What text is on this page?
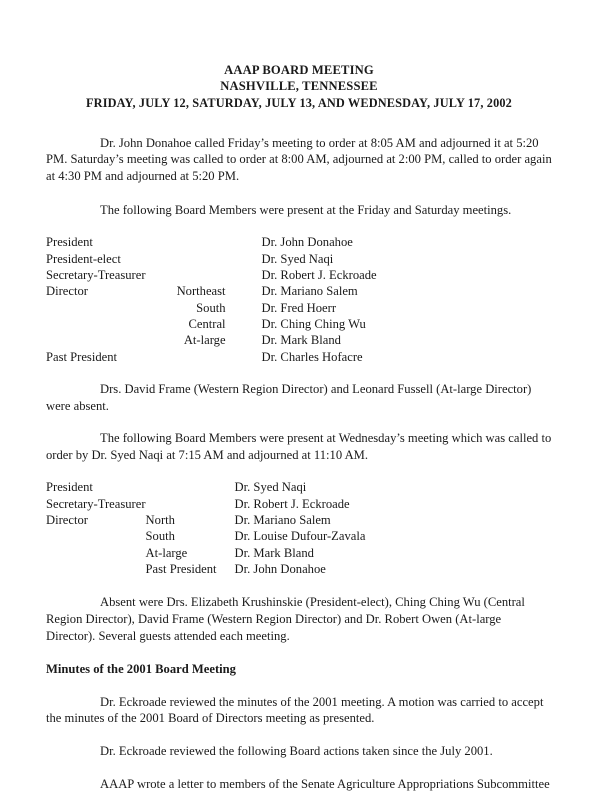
AAAP BOARD MEETING
NASHVILLE, TENNESSEE
FRIDAY, JULY 12, SATURDAY, JULY 13, AND WEDNESDAY, JULY 17, 2002

Dr. John Donahoe called Friday’s meeting to order at 8:05 AM and adjourned it at 5:20 PM. Saturday’s meeting was called to order at 8:00 AM, adjourned at 2:00 PM, called to order again at 4:30 PM and adjourned at 5:20 PM.

The following Board Members were present at the Friday and Saturday meetings.

President		Dr. John Donahoe
President-elect		Dr. Syed Naqi
Secretary-Treasurer		Dr. Robert J. Eckroade
Director	Northeast	Dr. Mariano Salem
	South	Dr. Fred Hoerr
	Central	Dr. Ching Ching Wu
	At-large	Dr. Mark Bland
Past President		Dr. Charles Hofacre

Drs. David Frame (Western Region Director) and Leonard Fussell (At-large Director) were absent.

The following Board Members were present at Wednesday’s meeting which was called to order by Dr. Syed Naqi at 7:15 AM and adjourned at 11:10 AM.

President		Dr. Syed Naqi
Secretary-Treasurer		Dr. Robert J. Eckroade
Director	North	Dr. Mariano Salem
	South	Dr. Louise Dufour-Zavala
	At-large	Dr. Mark Bland
	Past President	Dr. John Donahoe

Absent were Drs. Elizabeth Krushinskie (President-elect), Ching Ching Wu (Central Region Director), David Frame (Western Region Director) and Dr. Robert Owen (At-large Director). Several guests attended each meeting.

Minutes of the 2001 Board Meeting

Dr. Eckroade reviewed the minutes of the 2001 meeting. A motion was carried to accept the minutes of the 2001 Board of Directors meeting as presented.

Dr. Eckroade reviewed the following Board actions taken since the July 2001.

AAAP wrote a letter to members of the Senate Agriculture Appropriations Subcommittee
